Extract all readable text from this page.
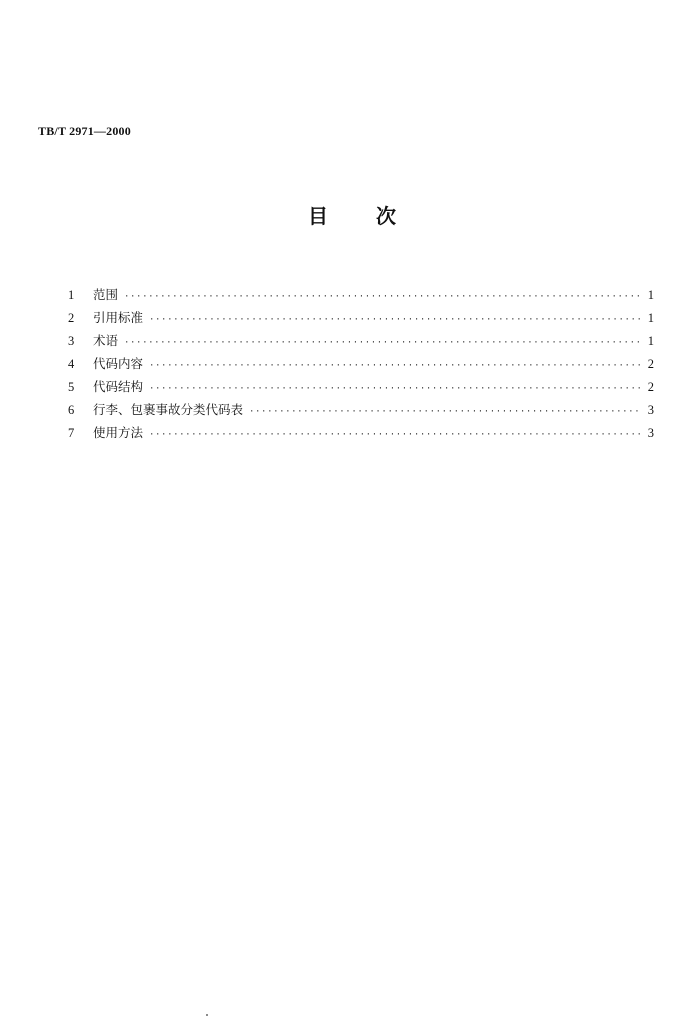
TB/T 2971—2000
目 次
1	范围 ·····	1
2	引用标准 ·····	1
3	术语 ·····	1
4	代码内容 ·····	2
5	代码结构 ·····	2
6	行李、包裹事故分类代码表 ·····	3
7	使用方法 ·····	3
